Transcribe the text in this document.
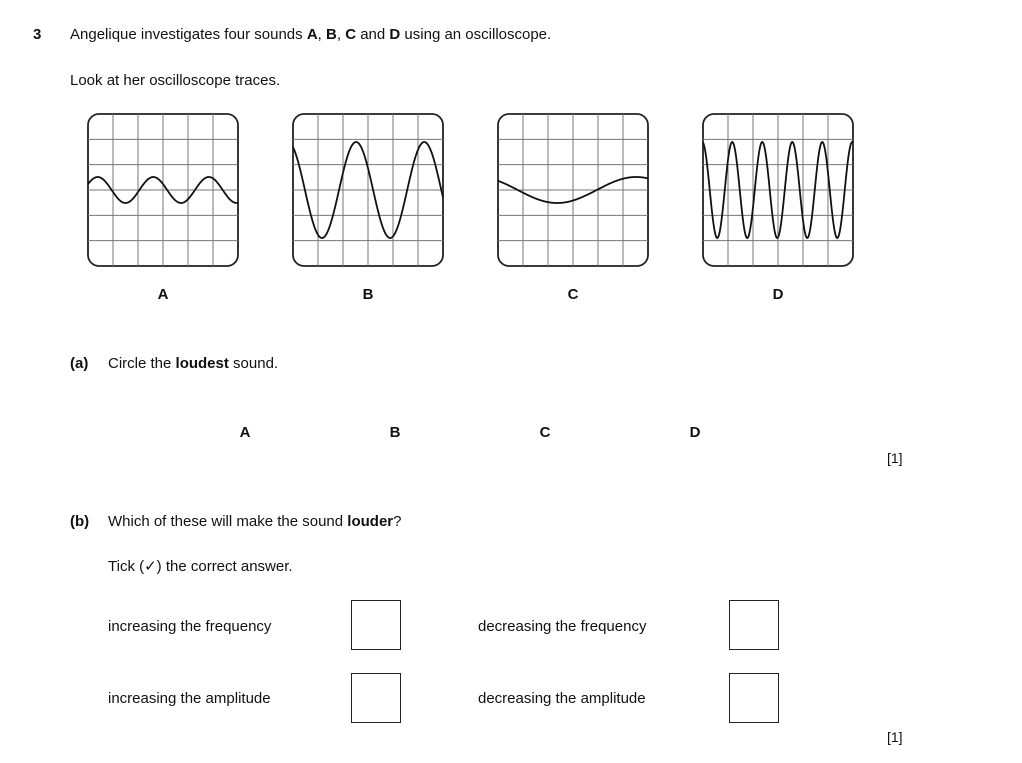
3 Angelique investigates four sounds A, B, C and D using an oscilloscope.
Look at her oscilloscope traces.
A	B	C	D
(a) Circle the loudest sound.
A	B	C	D
[1]
(b) Which of these will make the sound louder?
Tick (✓) the correct answer.
increasing the frequency	decreasing the frequency
increasing the amplitude	decreasing the amplitude
[1]
